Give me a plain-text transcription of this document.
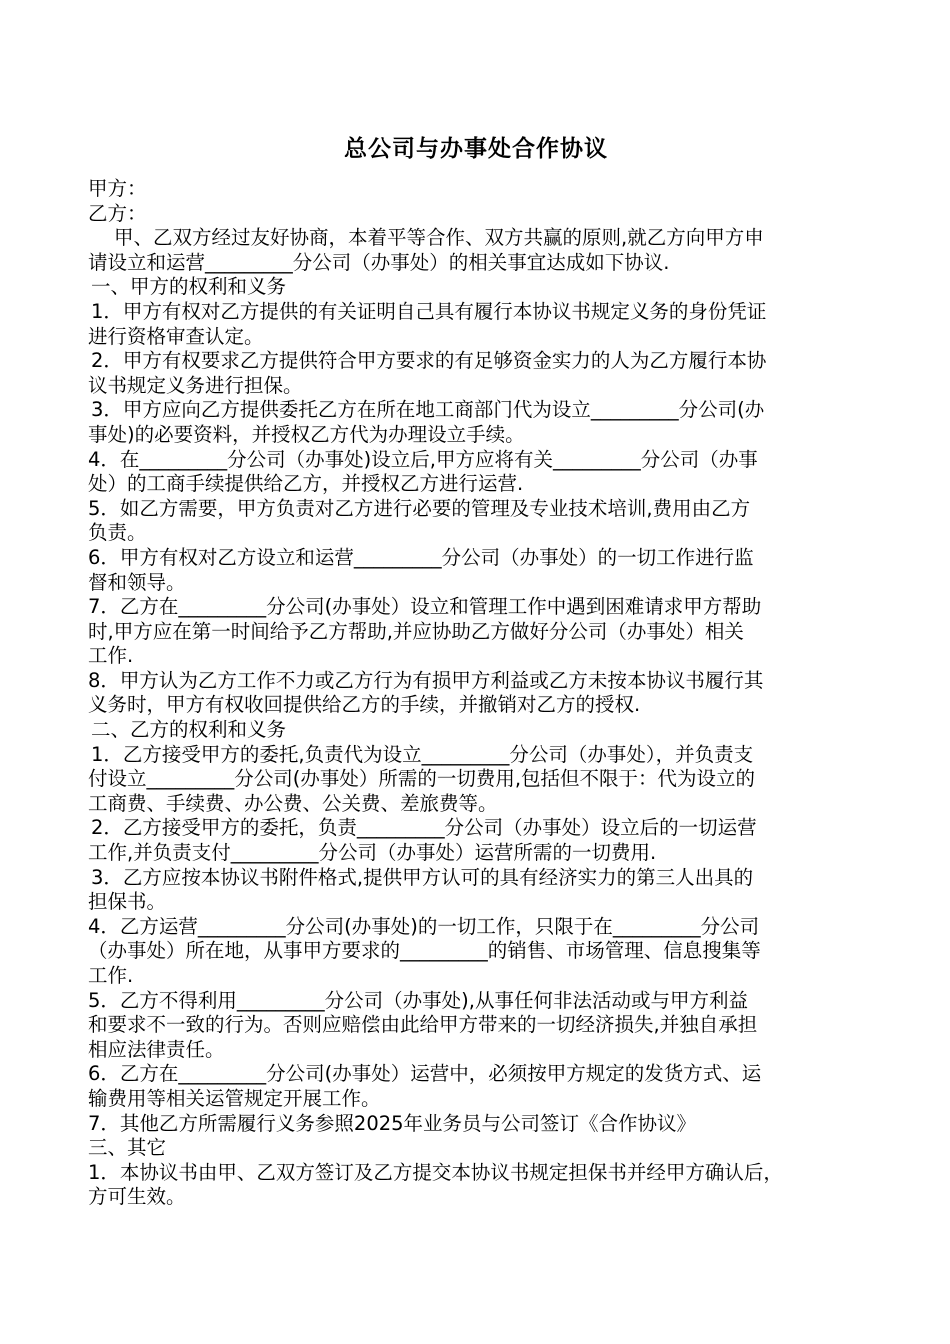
总公司与办事处合作协议
甲方：
乙方：
甲、乙双方经过友好协商，本着平等合作、双方共赢的原则,就乙方向甲方申
请设立和运营_________分公司（办事处）的相关事宜达成如下协议.
一、甲方的权利和义务
1．甲方有权对乙方提供的有关证明自己具有履行本协议书规定义务的身份凭证
进行资格审查认定。
2．甲方有权要求乙方提供符合甲方要求的有足够资金实力的人为乙方履行本协
议书规定义务进行担保。
3．甲方应向乙方提供委托乙方在所在地工商部门代为设立_________分公司(办
事处)的必要资料，并授权乙方代为办理设立手续。
4．在_________分公司（办事处)设立后,甲方应将有关_________分公司（办事
处）的工商手续提供给乙方，并授权乙方进行运营.
5．如乙方需要，甲方负责对乙方进行必要的管理及专业技术培训,费用由乙方
负责。
6．甲方有权对乙方设立和运营_________分公司（办事处）的一切工作进行监
督和领导。
7．乙方在_________分公司(办事处）设立和管理工作中遇到困难请求甲方帮助
时,甲方应在第一时间给予乙方帮助,并应协助乙方做好分公司（办事处）相关
工作.
8．甲方认为乙方工作不力或乙方行为有损甲方利益或乙方未按本协议书履行其
义务时，甲方有权收回提供给乙方的手续，并撤销对乙方的授权.
二、乙方的权利和义务
1．乙方接受甲方的委托,负责代为设立_________分公司（办事处），并负责支
付设立_________分公司(办事处）所需的一切费用,包括但不限于：代为设立的
工商费、手续费、办公费、公关费、差旅费等。
2．乙方接受甲方的委托，负责_________分公司（办事处）设立后的一切运营
工作,并负责支付_________分公司（办事处）运营所需的一切费用.
3．乙方应按本协议书附件格式,提供甲方认可的具有经济实力的第三人出具的
担保书。
4．乙方运营_________分公司(办事处)的一切工作，只限于在_________分公司
（办事处）所在地，从事甲方要求的_________的销售、市场管理、信息搜集等
工作.
5．乙方不得利用_________分公司（办事处),从事任何非法活动或与甲方利益
和要求不一致的行为。否则应赔偿由此给甲方带来的一切经济损失,并独自承担
相应法律责任。
6．乙方在_________分公司(办事处）运营中，必须按甲方规定的发货方式、运
输费用等相关运管规定开展工作。
7．其他乙方所需履行义务参照2025年业务员与公司签订《合作协议》
三、其它
1．本协议书由甲、乙双方签订及乙方提交本协议书规定担保书并经甲方确认后，
方可生效。
